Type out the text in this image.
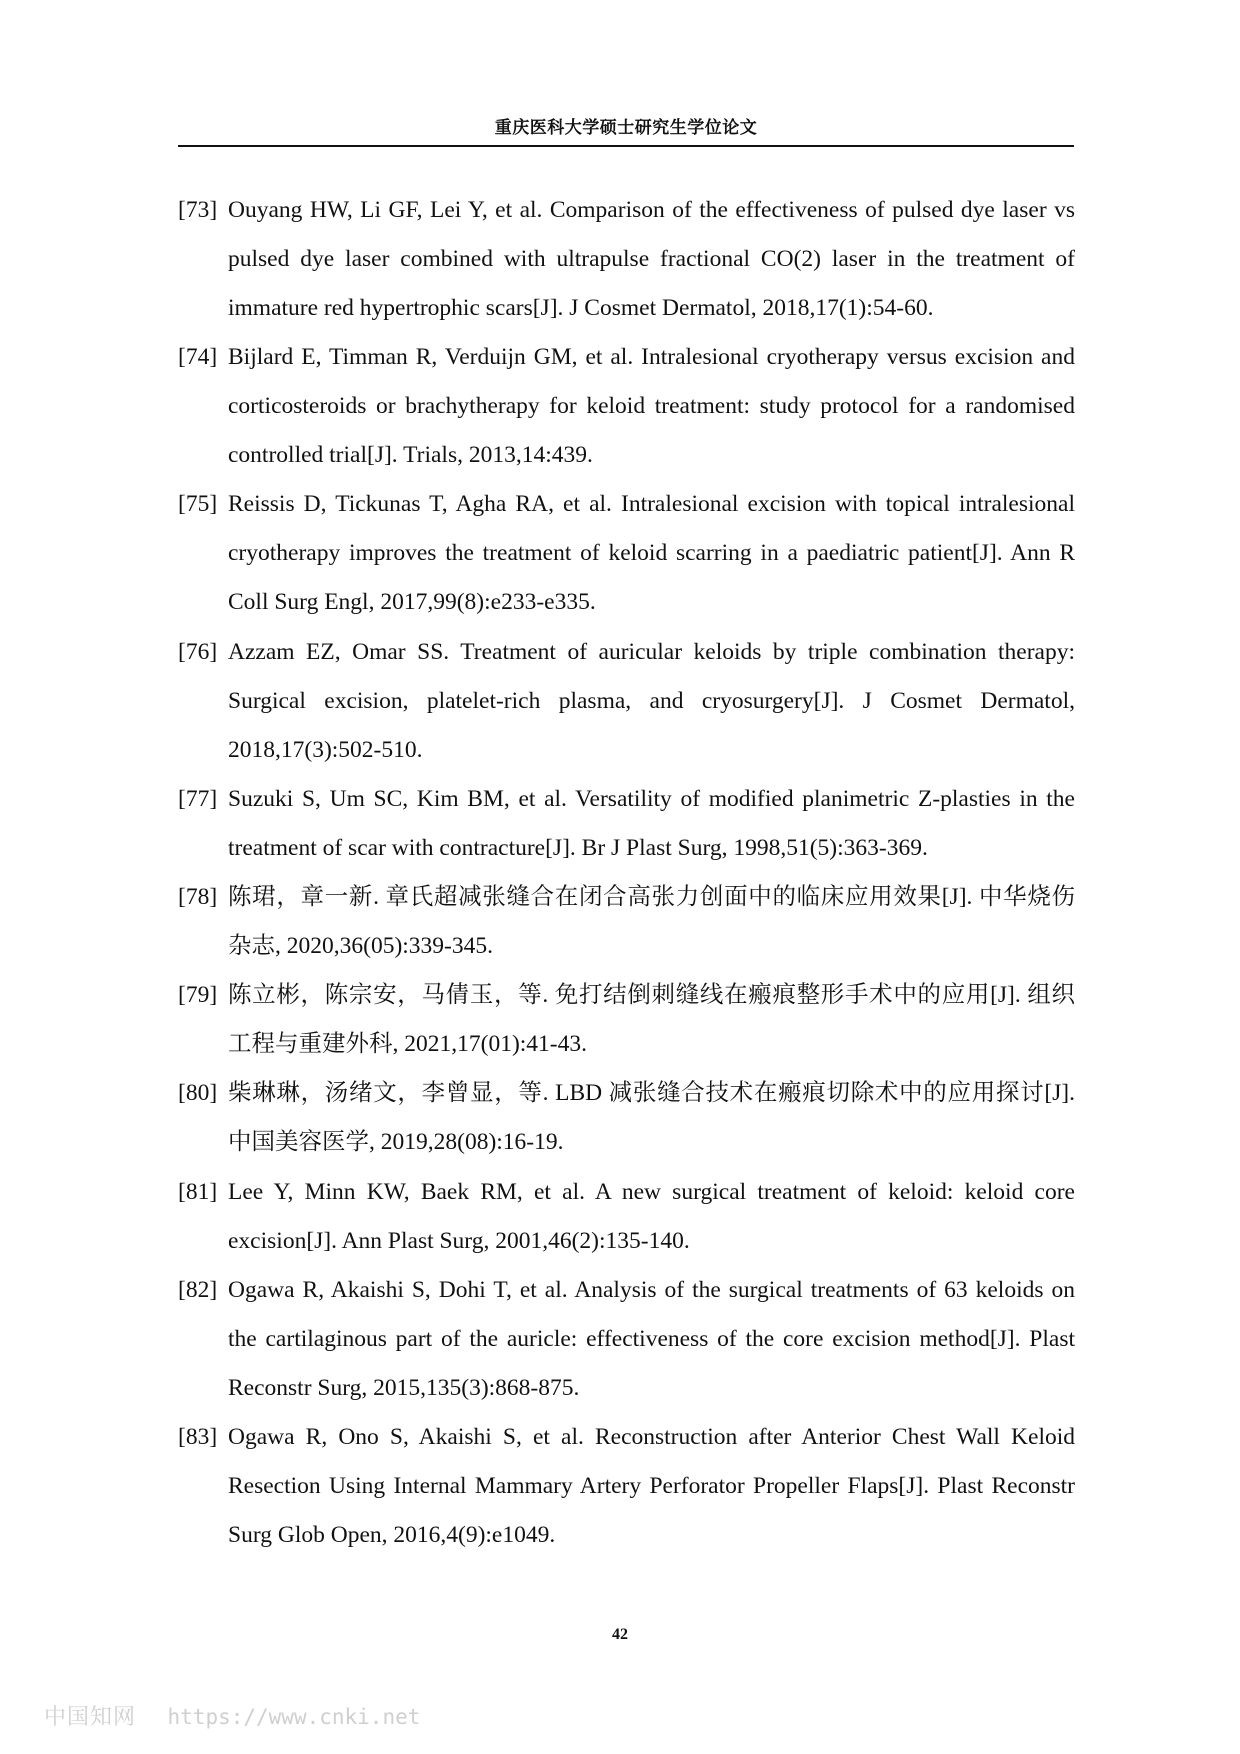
重庆医科大学硕士研究生学位论文
[73] Ouyang HW, Li GF, Lei Y, et al. Comparison of the effectiveness of pulsed dye laser vs pulsed dye laser combined with ultrapulse fractional CO(2) laser in the treatment of immature red hypertrophic scars[J]. J Cosmet Dermatol, 2018,17(1):54-60.
[74] Bijlard E, Timman R, Verduijn GM, et al. Intralesional cryotherapy versus excision and corticosteroids or brachytherapy for keloid treatment: study protocol for a randomised controlled trial[J]. Trials, 2013,14:439.
[75] Reissis D, Tickunas T, Agha RA, et al. Intralesional excision with topical intralesional cryotherapy improves the treatment of keloid scarring in a paediatric patient[J]. Ann R Coll Surg Engl, 2017,99(8):e233-e335.
[76] Azzam EZ, Omar SS. Treatment of auricular keloids by triple combination therapy: Surgical excision, platelet-rich plasma, and cryosurgery[J]. J Cosmet Dermatol, 2018,17(3):502-510.
[77] Suzuki S, Um SC, Kim BM, et al. Versatility of modified planimetric Z-plasties in the treatment of scar with contracture[J]. Br J Plast Surg, 1998,51(5):363-369.
[78] 陈珺，章一新. 章氏超减张缝合在闭合高张力创面中的临床应用效果[J]. 中华烧伤杂志, 2020,36(05):339-345.
[79] 陈立彬，陈宗安，马倩玉，等. 免打结倒刺缝线在瘢痕整形手术中的应用[J]. 组织工程与重建外科, 2021,17(01):41-43.
[80] 柴琳琳，汤绪文，李曾显，等. LBD 减张缝合技术在瘢痕切除术中的应用探讨[J]. 中国美容医学, 2019,28(08):16-19.
[81] Lee Y, Minn KW, Baek RM, et al. A new surgical treatment of keloid: keloid core excision[J]. Ann Plast Surg, 2001,46(2):135-140.
[82] Ogawa R, Akaishi S, Dohi T, et al. Analysis of the surgical treatments of 63 keloids on the cartilaginous part of the auricle: effectiveness of the core excision method[J]. Plast Reconstr Surg, 2015,135(3):868-875.
[83] Ogawa R, Ono S, Akaishi S, et al. Reconstruction after Anterior Chest Wall Keloid Resection Using Internal Mammary Artery Perforator Propeller Flaps[J]. Plast Reconstr Surg Glob Open, 2016,4(9):e1049.
42
中国知网 https://www.cnki.net
